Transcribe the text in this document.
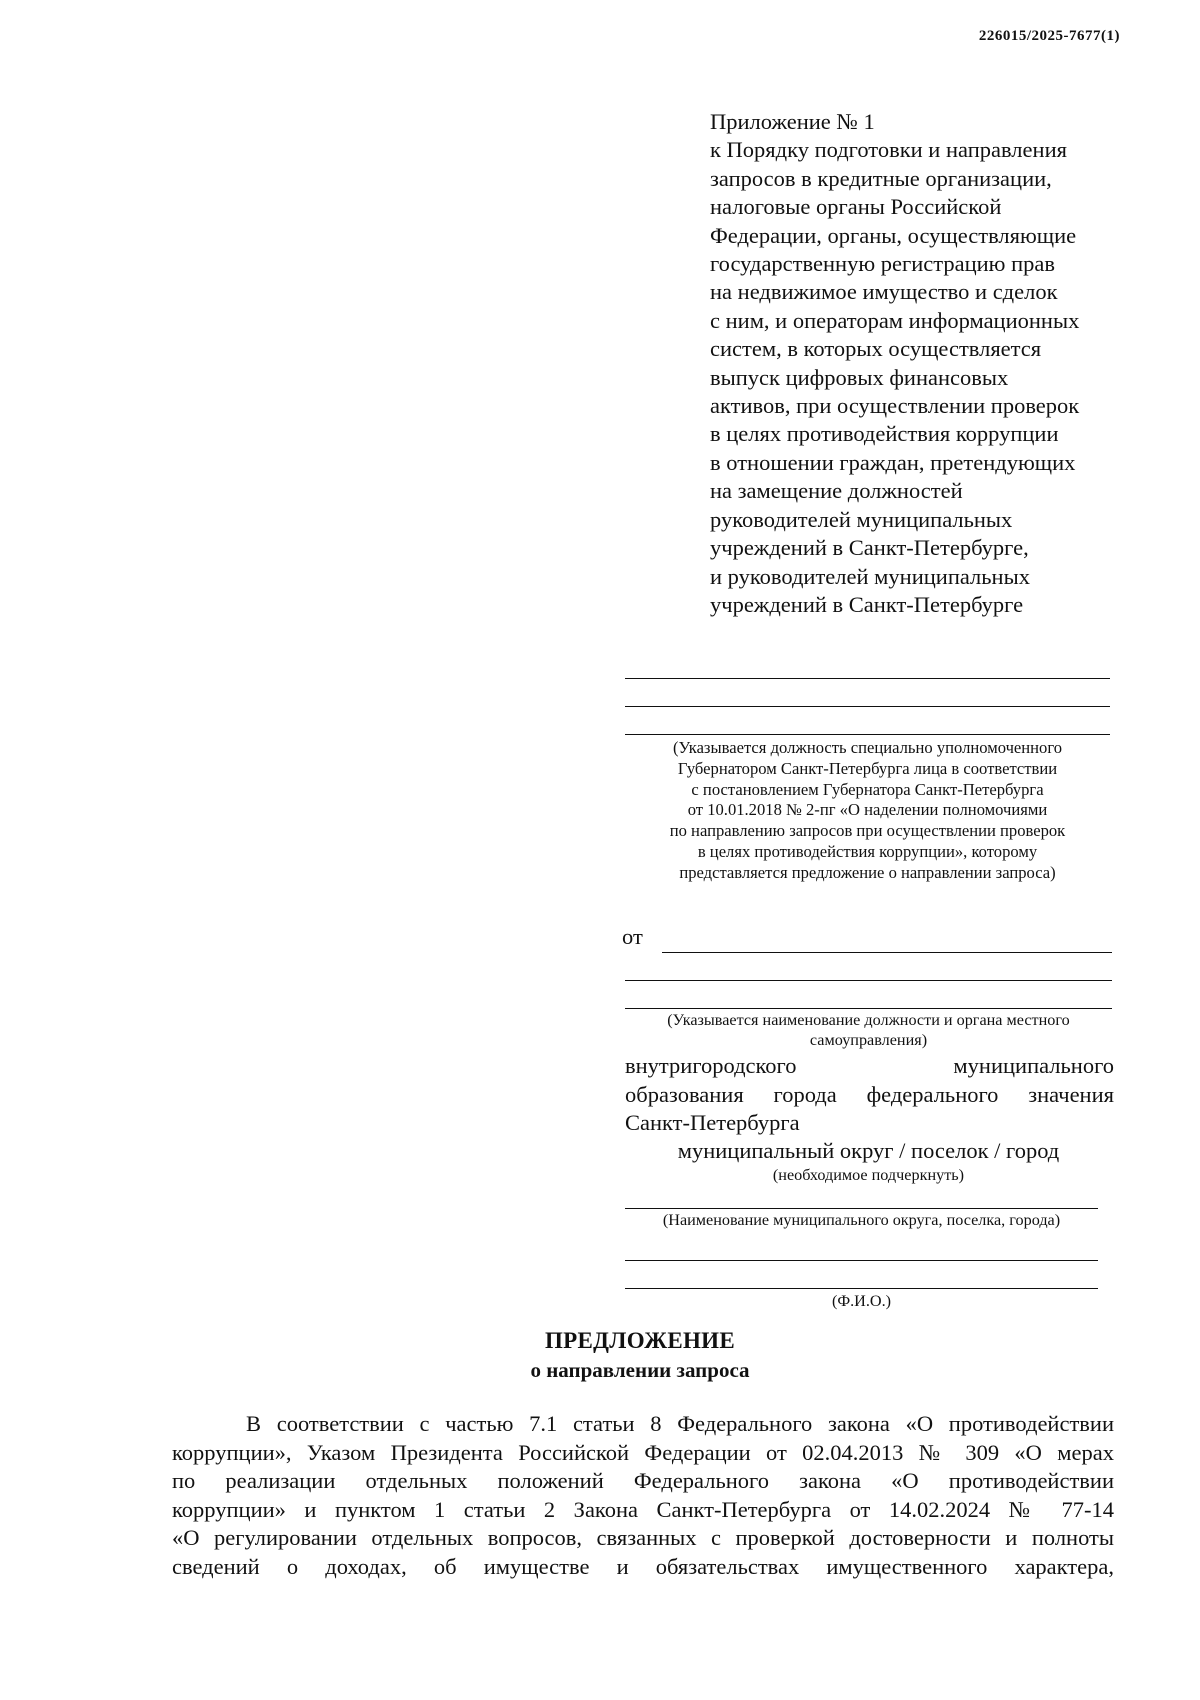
226015/2025-7677(1)
Приложение № 1
к Порядку подготовки и направления
запросов в кредитные организации,
налоговые органы Российской
Федерации, органы, осуществляющие
государственную регистрацию прав
на недвижимое имущество и сделок
с ним, и операторам информационных
систем, в которых осуществляется
выпуск цифровых финансовых
активов, при осуществлении проверок
в целях противодействия коррупции
в отношении граждан, претендующих
на замещение должностей
руководителей муниципальных
учреждений в Санкт-Петербурге,
и руководителей муниципальных
учреждений в Санкт-Петербурге
(Указывается должность специально уполномоченного
Губернатором Санкт-Петербурга лица в соответствии
с постановлением Губернатора Санкт-Петербурга
от 10.01.2018 № 2-пг «О наделении полномочиями
по направлению запросов при осуществлении проверок
в целях противодействия коррупции», которому
представляется предложение о направлении запроса)
от
(Указывается наименование должности и органа местного
самоуправления)
внутригородского муниципального
образования города федерального значения
Санкт-Петербурга
муниципальный округ / поселок / город
(необходимое подчеркнуть)
(Наименование муниципального округа, поселка, города)
(Ф.И.О.)
ПРЕДЛОЖЕНИЕ
о направлении запроса
В соответствии с частью 7.1 статьи 8 Федерального закона «О противодействии
коррупции», Указом Президента Российской Федерации от 02.04.2013 № 309 «О мерах
по реализации отдельных положений Федерального закона «О противодействии
коррупции» и пунктом 1 статьи 2 Закона Санкт-Петербурга от 14.02.2024 № 77-14
«О регулировании отдельных вопросов, связанных с проверкой достоверности и полноты
сведений о доходах, об имуществе и обязательствах имущественного характера,
